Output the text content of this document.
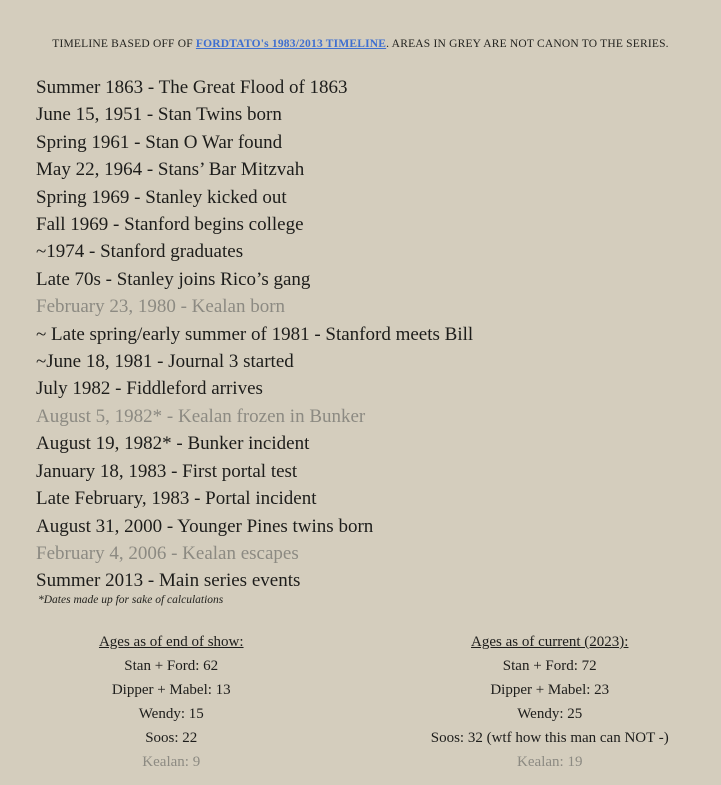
TIMELINE BASED OFF OF FORDTATO's 1983/2013 TIMELINE. AREAS IN GREY ARE NOT CANON TO THE SERIES.
Summer 1863 - The Great Flood of 1863
June 15, 1951 - Stan Twins born
Spring 1961 - Stan O War found
May 22, 1964 - Stans’ Bar Mitzvah
Spring 1969 - Stanley kicked out
Fall 1969 - Stanford begins college
~1974 - Stanford graduates
Late 70s - Stanley joins Rico’s gang
February 23, 1980 - Kealan born
~ Late spring/early summer of 1981 - Stanford meets Bill
~June 18, 1981 - Journal 3 started
July 1982 - Fiddleford arrives
August 5, 1982* - Kealan frozen in Bunker
August 19, 1982* - Bunker incident
January 18, 1983 - First portal test
Late February, 1983 - Portal incident
August 31, 2000 - Younger Pines twins born
February 4, 2006 - Kealan escapes
Summer 2013 - Main series events
*Dates made up for sake of calculations
Ages as of end of show:
Stan + Ford: 62
Dipper + Mabel: 13
Wendy: 15
Soos: 22
Kealan: 9
Ages as of current (2023):
Stan + Ford: 72
Dipper + Mabel: 23
Wendy: 25
Soos: 32 (wtf how this man can NOT -)
Kealan: 19
